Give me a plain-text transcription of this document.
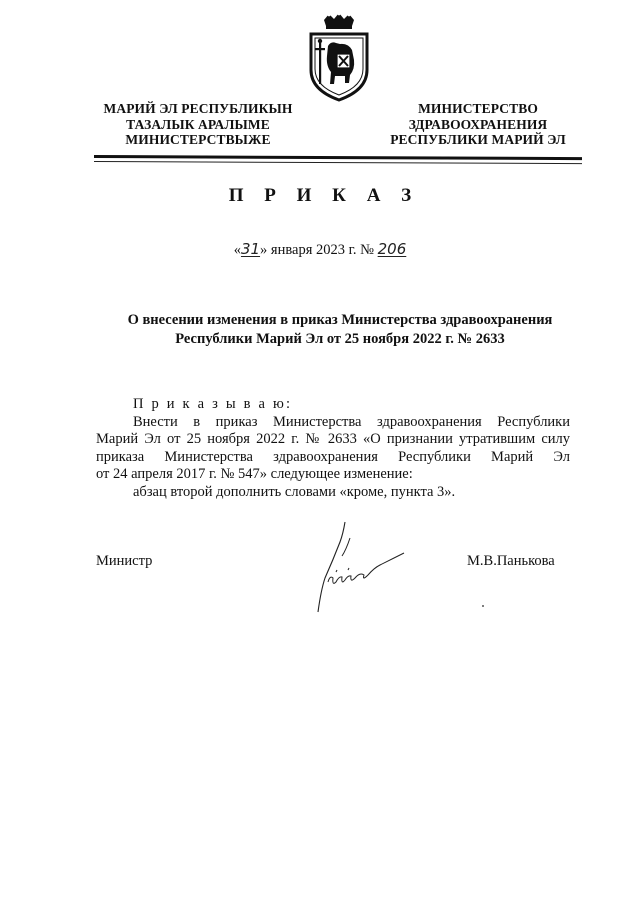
МАРИЙ ЭЛ РЕСПУБЛИКЫН
ТАЗАЛЫК АРАЛЫМЕ
МИНИСТЕРСТВЫЖЕ
МИНИСТЕРСТВО
ЗДРАВООХРАНЕНИЯ
РЕСПУБЛИКИ МАРИЙ ЭЛ
П Р И К А З
«31» января 2023 г. № 206
О внесении изменения в приказ Министерства здравоохранения
Республики Марий Эл от 25 ноября 2022 г. № 2633
П р и к а з ы в а ю:
Внести в приказ Министерства здравоохранения Республики
Марий Эл от 25 ноября 2022 г. № 2633 «О признании утратившим силу
приказа Министерства здравоохранения Республики Марий Эл
от 24 апреля 2017 г. № 547» следующее изменение:
абзац второй дополнить словами «кроме, пункта 3».
Министр	М.В.Панькова
